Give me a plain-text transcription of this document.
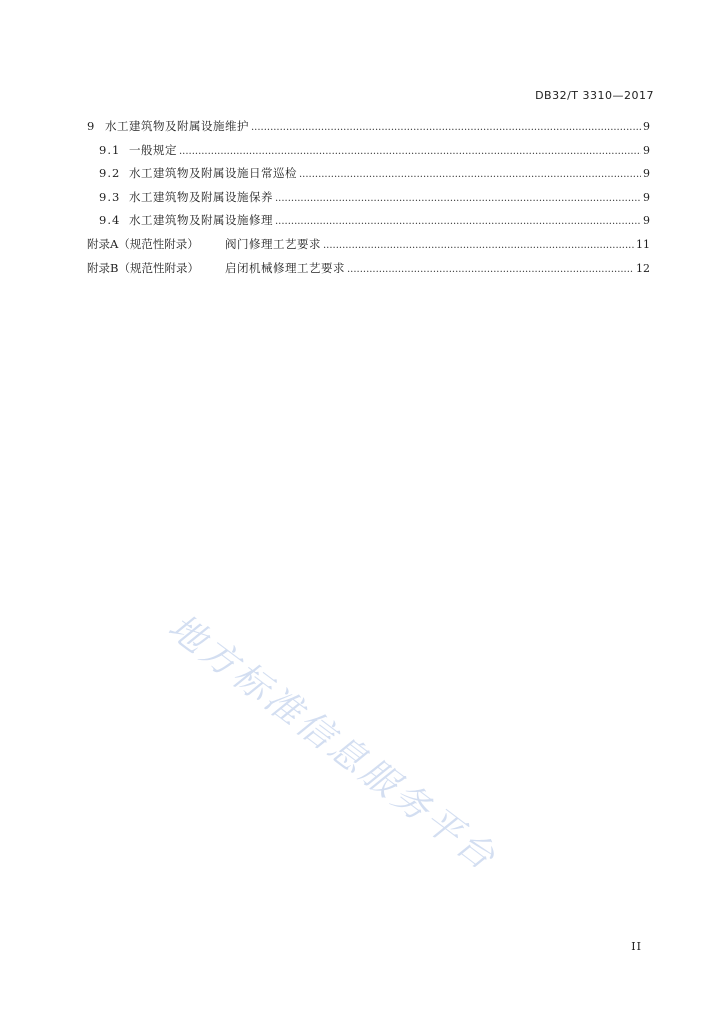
DB32/T 3310—2017
9 水工建筑物及附属设施维护 .....	9
9.1 一般规定 .....	9
9.2 水工建筑物及附属设施日常巡检 .....	9
9.3 水工建筑物及附属设施保养 .....	9
9.4 水工建筑物及附属设施修理 .....	9
附录A（规范性附录）	阀门修理工艺要求 .....	11
附录B（规范性附录）	启闭机械修理工艺要求 .....	12
地方标准信息服务平台
II
